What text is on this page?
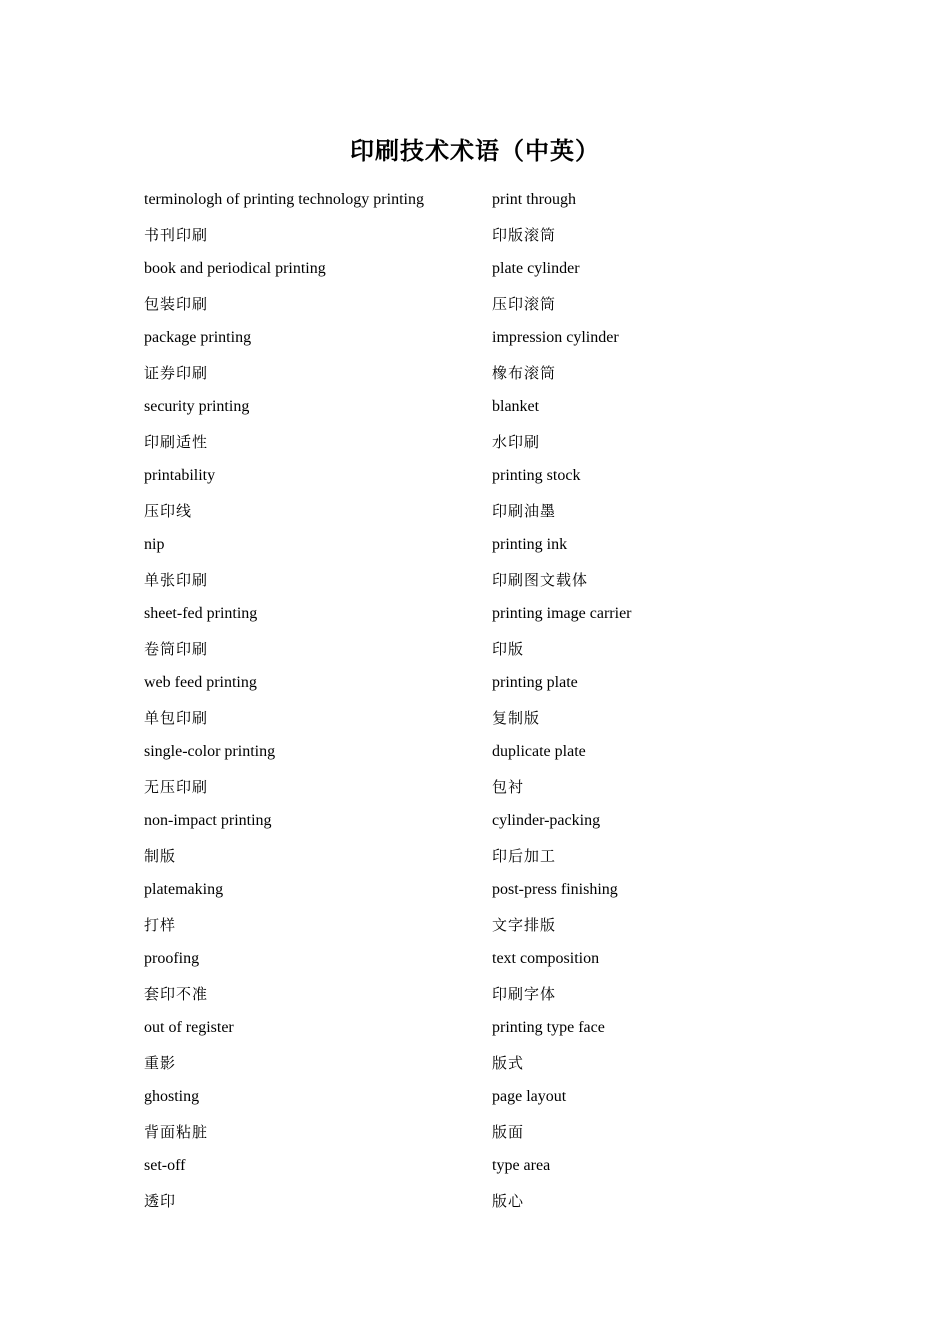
印刷技术术语（中英）
terminologh of printing technology printing
书刊印刷
book and periodical printing
包装印刷
package printing
证券印刷
security printing
印刷适性
printability
压印线
nip
单张印刷
sheet-fed printing
卷筒印刷
web feed printing
单包印刷
single-color printing
无压印刷
non-impact printing
制版
platemaking
打样
proofing
套印不准
out of register
重影
ghosting
背面粘脏
set-off
透印
print through
印版滚筒
plate cylinder
压印滚筒
impression cylinder
橡布滚筒
blanket
水印刷
printing stock
印刷油墨
printing ink
印刷图文载体
printing image carrier
印版
printing plate
复制版
duplicate plate
包衬
cylinder-packing
印后加工
post-press finishing
文字排版
text composition
印刷字体
printing type face
版式
page layout
版面
type area
版心
